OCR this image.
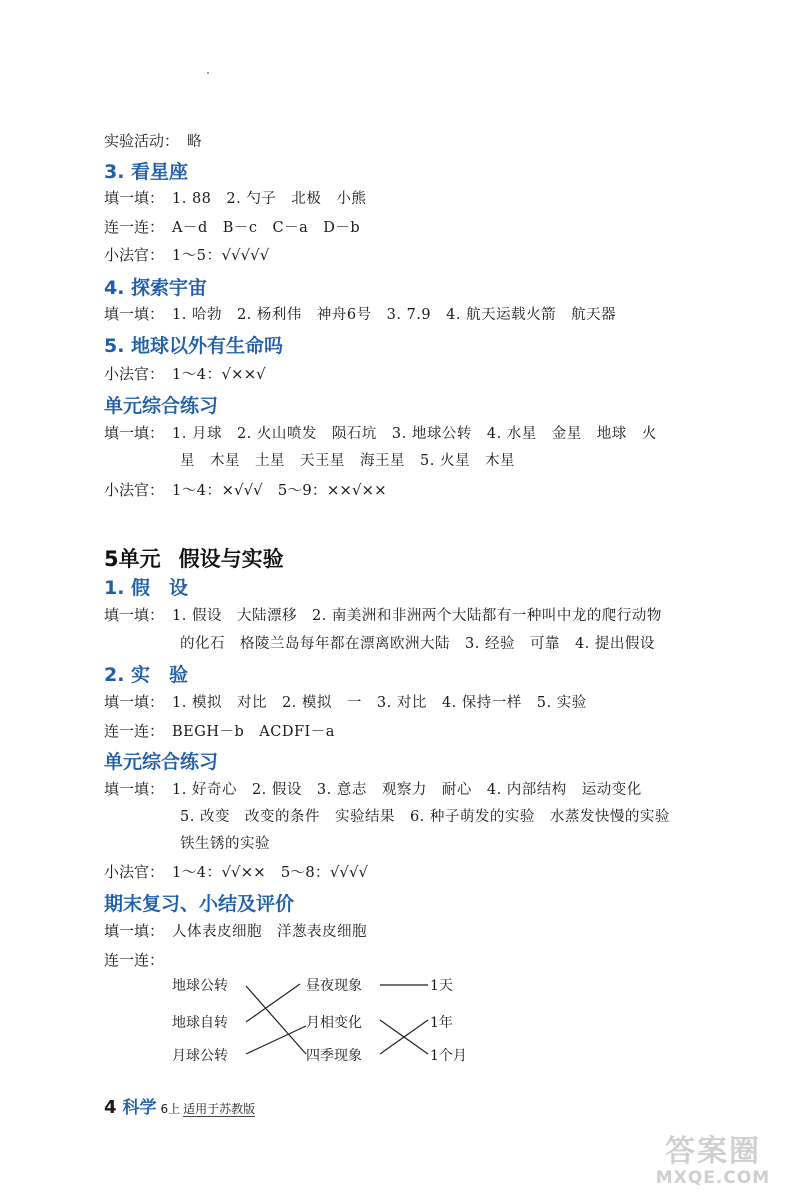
实验活动： 略
3. 看星座
填一填： 1. 88　2. 勺子　北极　小熊
连一连： A－d　B－c　C－a　D－b
小法官： 1～5：√√√√√
4. 探索宇宙
填一填： 1. 哈勃　2. 杨利伟　神舟6号　3. 7.9　4. 航天运载火箭　航天器
5. 地球以外有生命吗
小法官： 1～4：√××√
单元综合练习
填一填： 1. 月球　2. 火山喷发　陨石坑　3. 地球公转　4. 水星　金星　地球　火
星　木星　土星　天王星　海王星　5. 火星　木星
小法官： 1～4：×√√√　 5～9：××√××
5单元 假设与实验
1. 假　设
填一填： 1. 假设　大陆漂移　2. 南美洲和非洲两个大陆都有一种叫中龙的爬行动物
的化石　格陵兰岛每年都在漂离欧洲大陆　3. 经验　可靠　4. 提出假设
2. 实　验
填一填： 1. 模拟　对比　2. 模拟　一　3. 对比　4. 保持一样　5. 实验
连一连： BEGH－b　ACDFI－a
单元综合练习
填一填： 1. 好奇心　2. 假设　3. 意志　观察力　耐心　4. 内部结构　运动变化
5. 改变　改变的条件　实验结果　6. 种子萌发的实验　水蒸发快慢的实验
铁生锈的实验
小法官： 1～4：√√××　 5～8：√√√√
期末复习、小结及评价
填一填： 人体表皮细胞　洋葱表皮细胞
连一连：
地球公转
地球自转
月球公转
昼夜现象
月相变化
四季现象
1天
1年
1个月
4 科学 6上 适用于苏教版
答案圈
MXQE.COM
